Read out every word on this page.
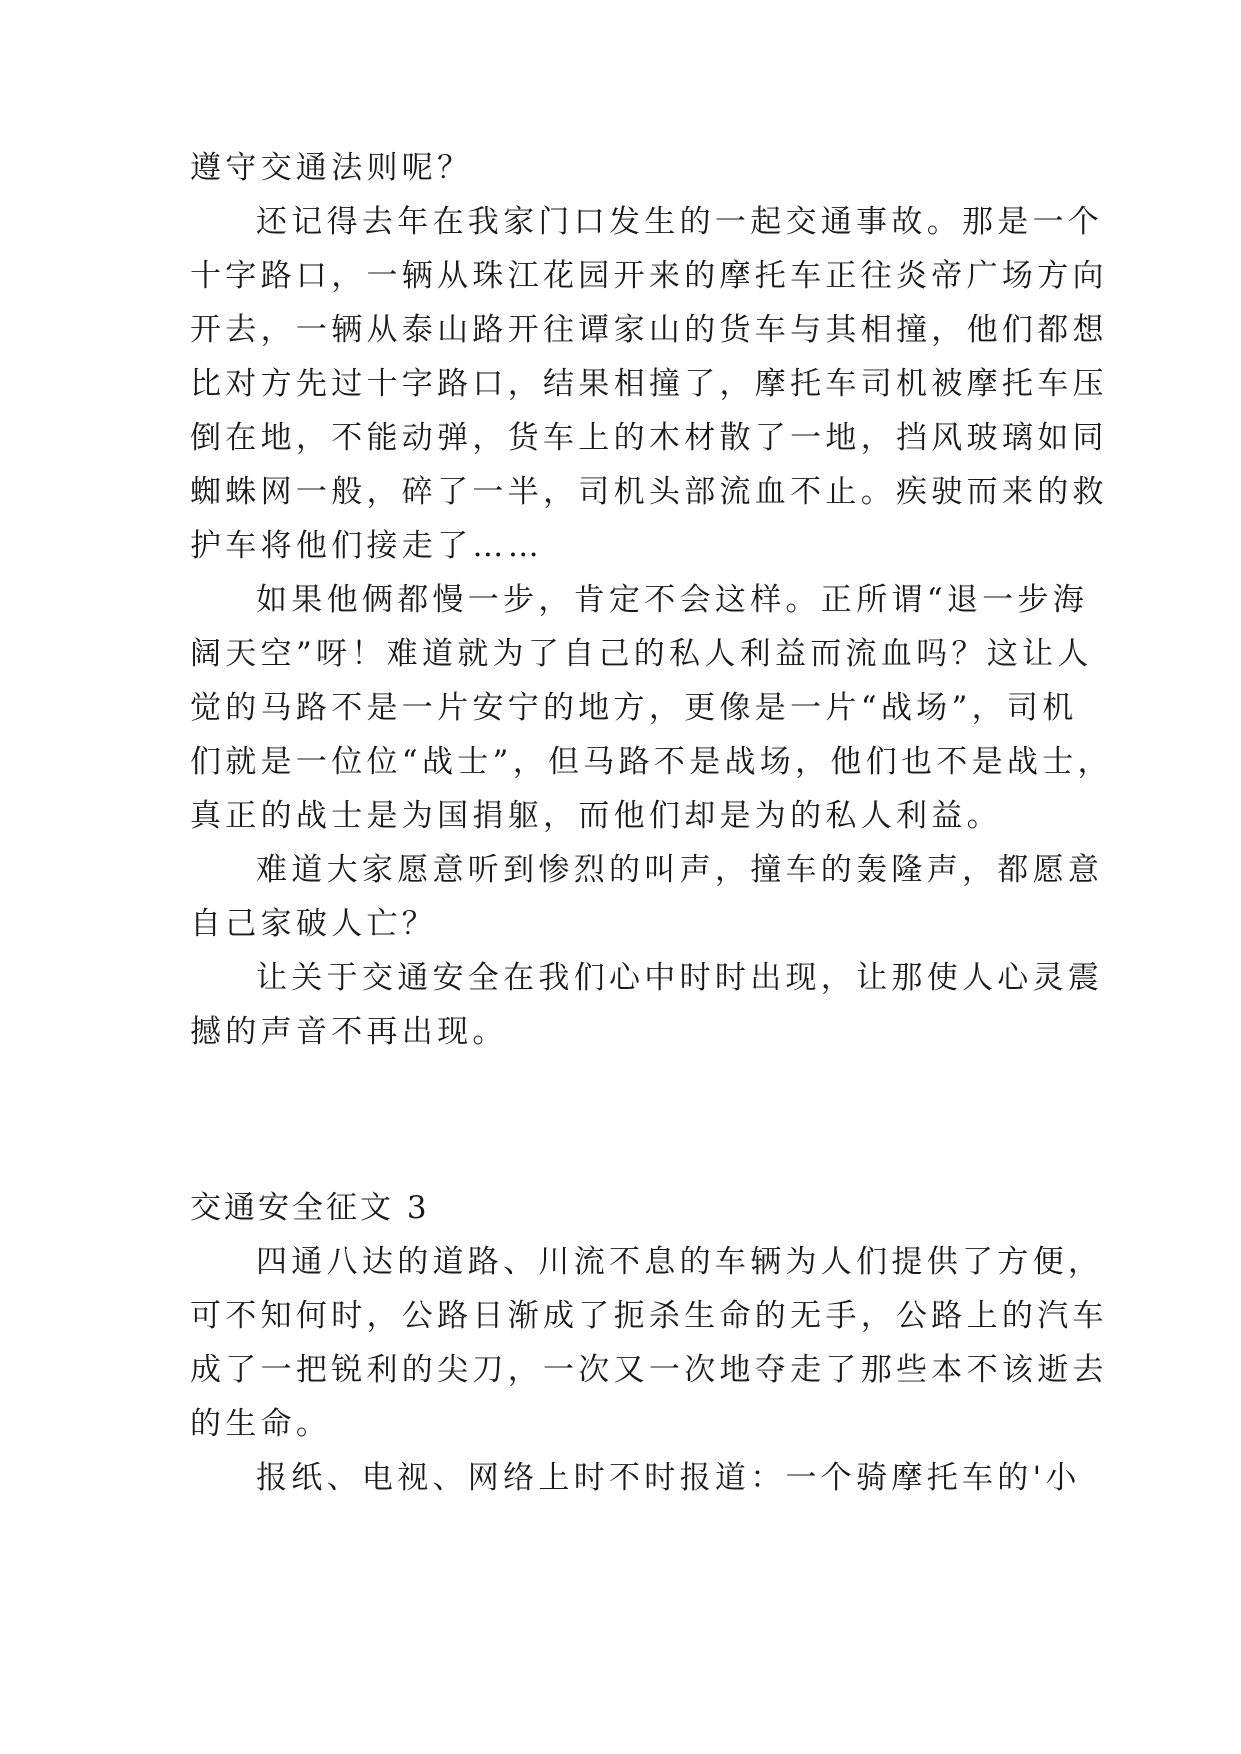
遵守交通法则呢？
还记得去年在我家门口发生的一起交通事故。那是一个
十字路口，一辆从珠江花园开来的摩托车正往炎帝广场方向
开去，一辆从泰山路开往谭家山的货车与其相撞，他们都想
比对方先过十字路口，结果相撞了，摩托车司机被摩托车压
倒在地，不能动弹，货车上的木材散了一地，挡风玻璃如同
蜘蛛网一般，碎了一半，司机头部流血不止。疾驶而来的救
护车将他们接走了……
如果他俩都慢一步，肯定不会这样。正所谓“退一步海
阔天空”呀！难道就为了自己的私人利益而流血吗？这让人
觉的马路不是一片安宁的地方，更像是一片“战场”，司机
们就是一位位“战士”，但马路不是战场，他们也不是战士，
真正的战士是为国捐躯，而他们却是为的私人利益。
难道大家愿意听到惨烈的叫声，撞车的轰隆声，都愿意
自己家破人亡？
让关于交通安全在我们心中时时出现，让那使人心灵震
撼的声音不再出现。
交通安全征文 3
四通八达的道路、川流不息的车辆为人们提供了方便，
可不知何时，公路日渐成了扼杀生命的无手，公路上的汽车
成了一把锐利的尖刀，一次又一次地夺走了那些本不该逝去
的生命。
报纸、电视、网络上时不时报道：一个骑摩托车的'小
